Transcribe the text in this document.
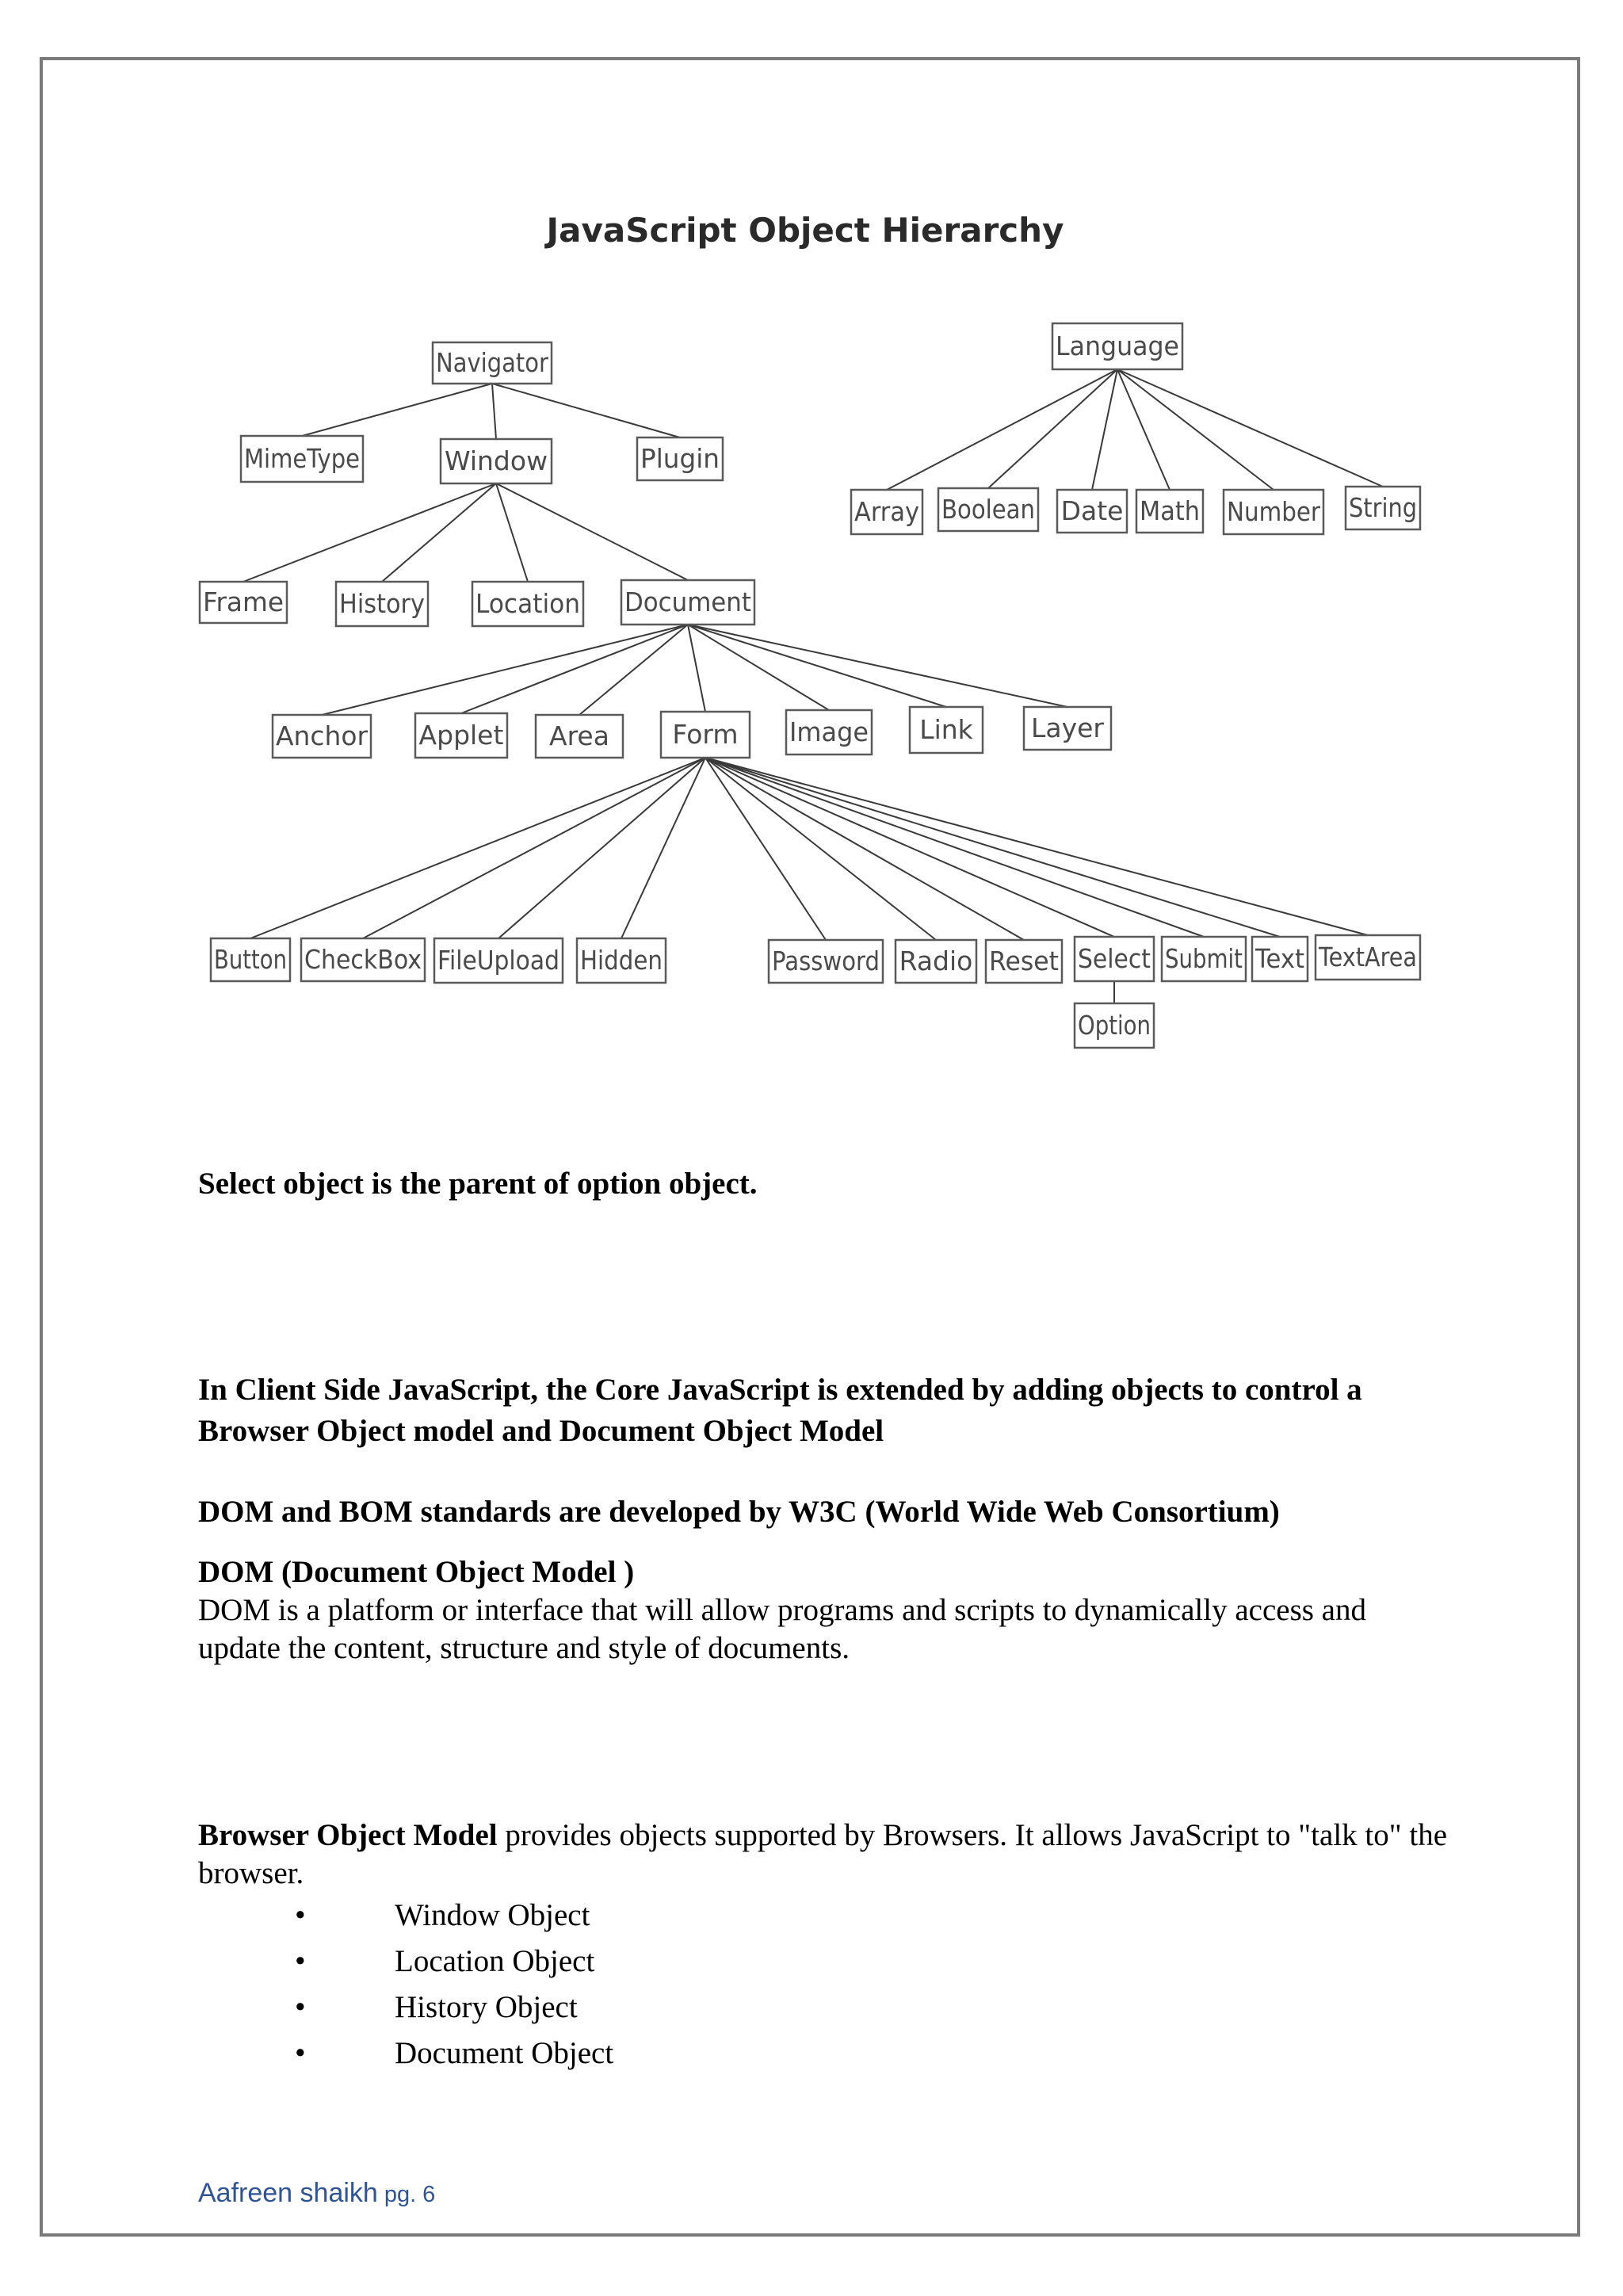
JavaScript Object Hierarchy
Navigator
MimeType	Window	Plugin
Frame History Location Document
Anchor Applet Area Form Image Link Layer
Button CheckBox FileUpload Hidden	Password Radio Reset Select Submit Text TextArea
Option
Language
Array Boolean Date Math Number String
Select object is the parent of option object.
In Client Side JavaScript, the Core JavaScript is extended by adding objects to control a Browser Object model and Document Object Model
DOM and BOM standards are developed by W3C (World Wide Web Consortium)
DOM (Document Object Model )
DOM is a platform or interface that will allow programs and scripts to dynamically access and update the content, structure and style of documents.
Browser Object Model provides objects supported by Browsers. It allows JavaScript to "talk to" the browser.
•	Window Object
•	Location Object
•	History Object
•	Document Object
Aafreen shaikh pg. 6
